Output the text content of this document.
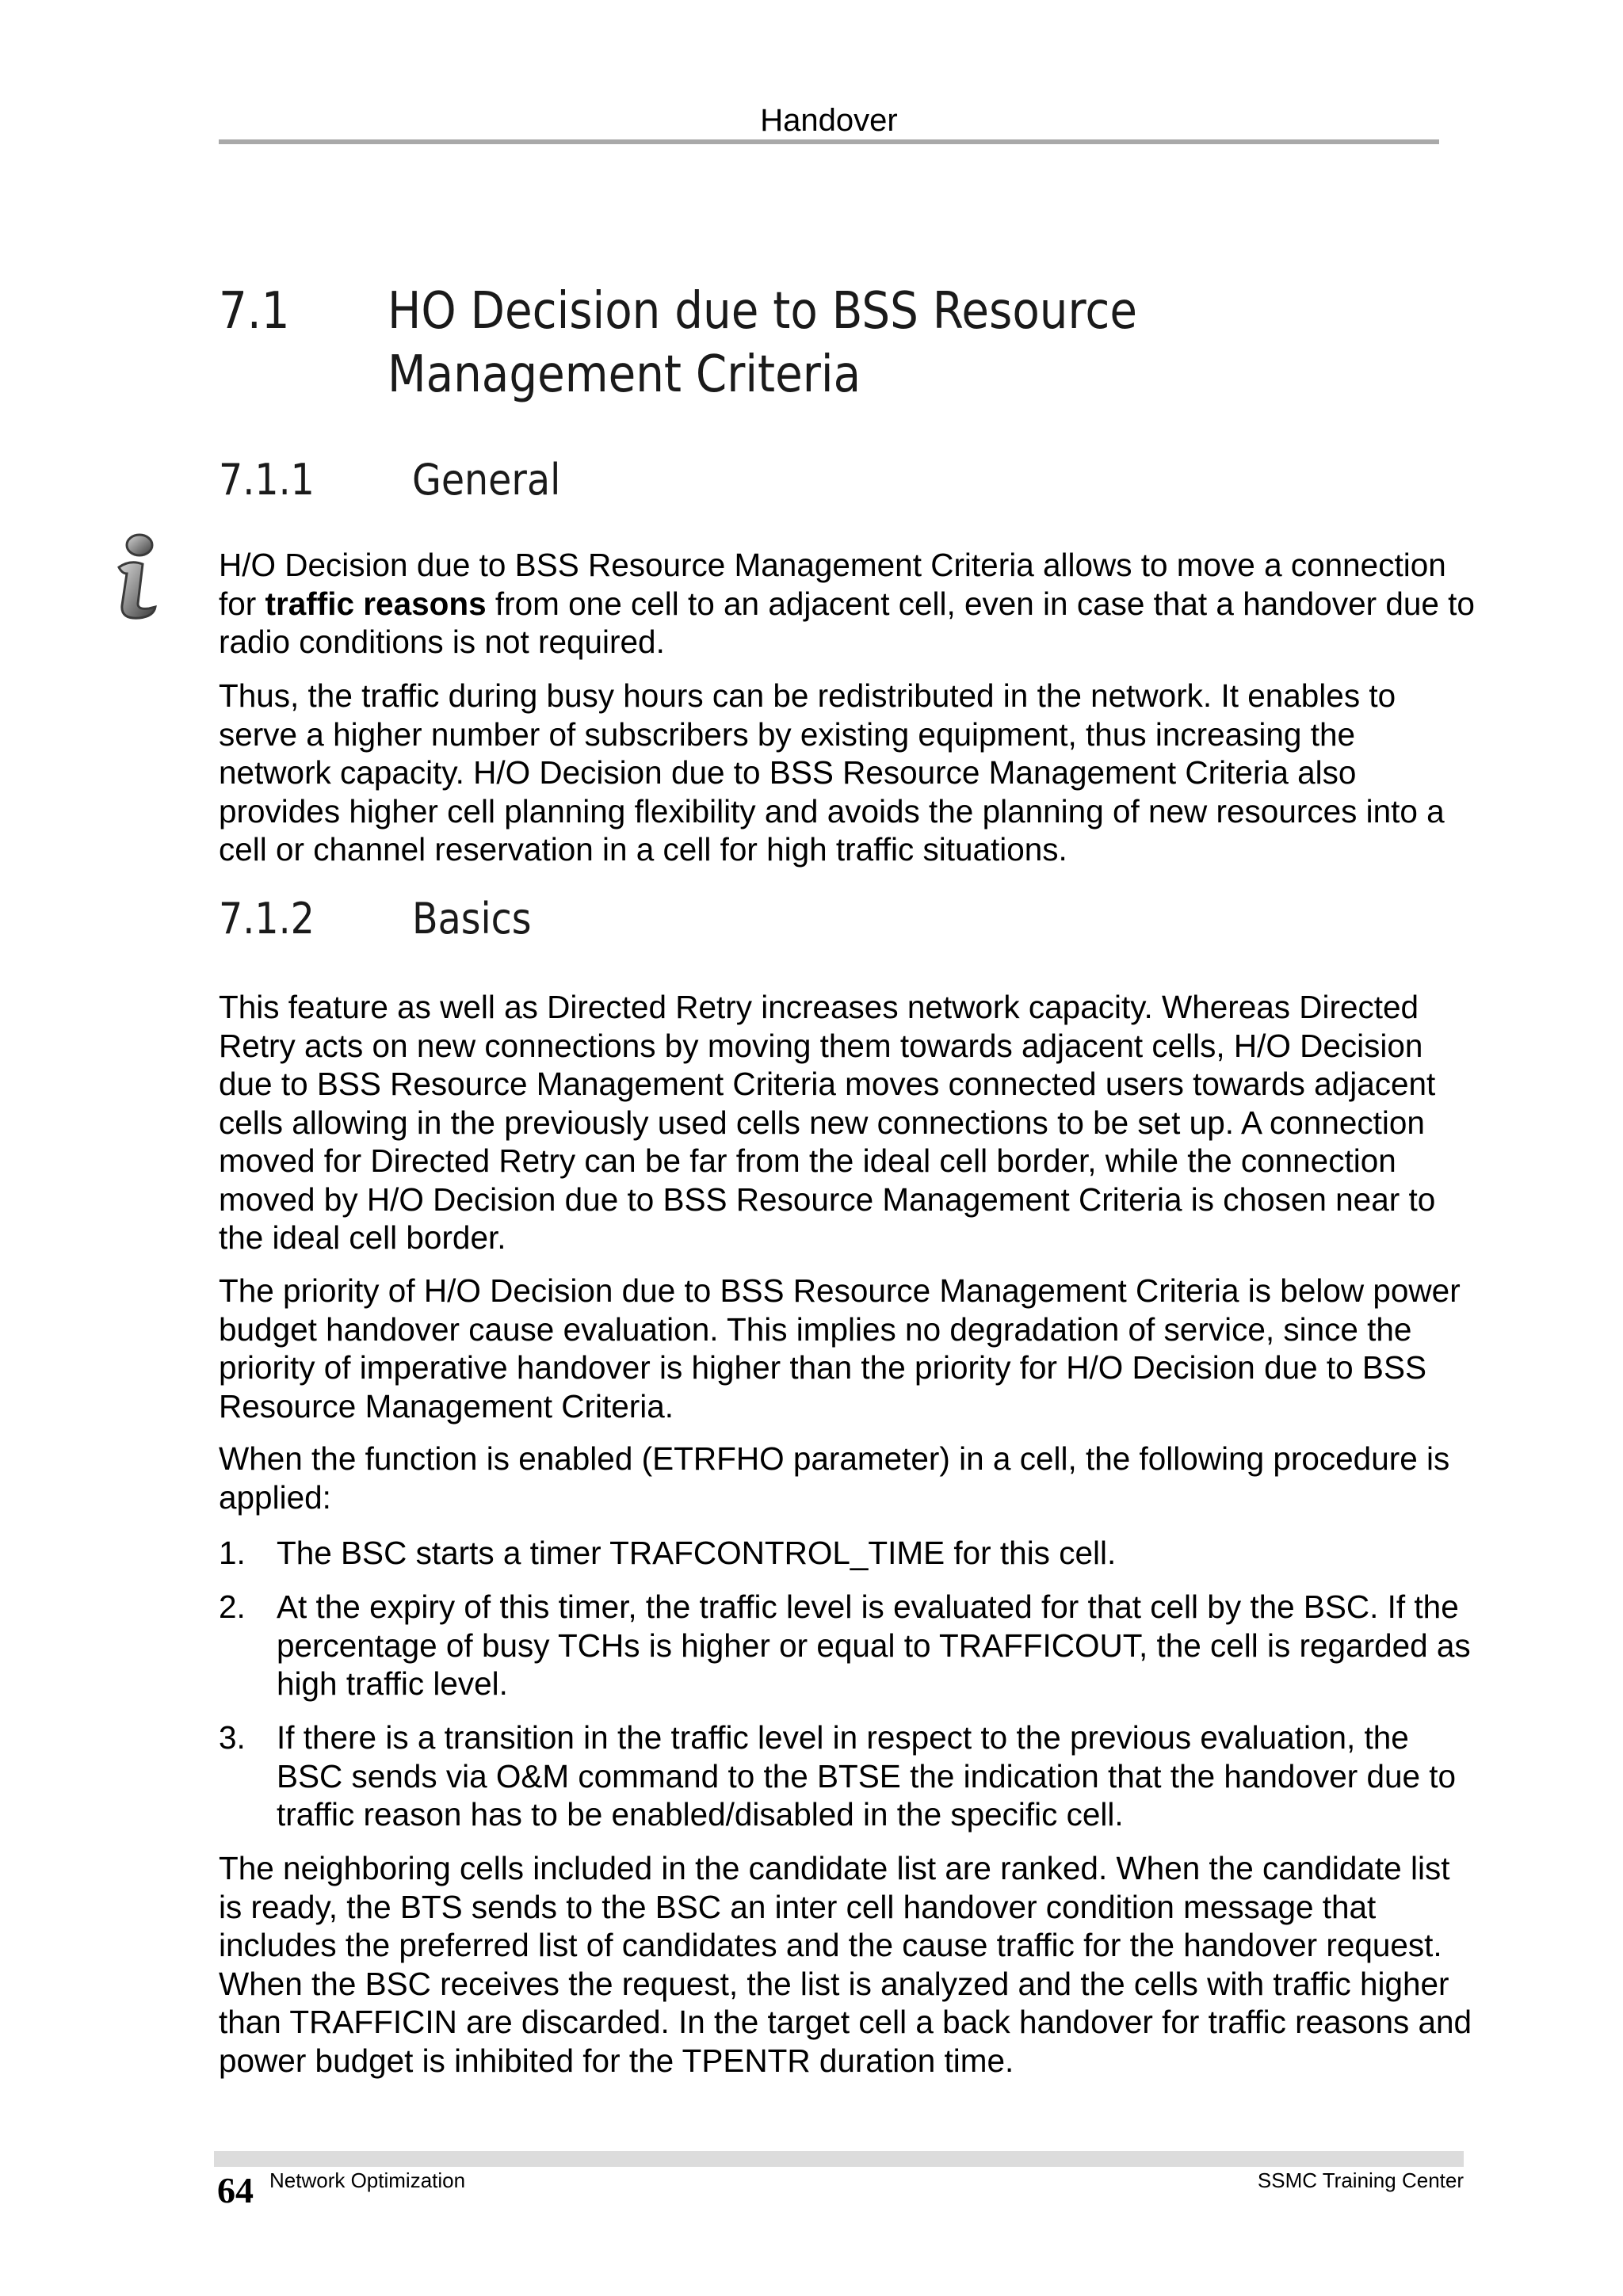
Handover
7.1 HO Decision due to BSS Resource
Management Criteria
7.1.1 General
H/O Decision due to BSS Resource Management Criteria allows to move a connection for traffic reasons from one cell to an adjacent cell, even in case that a handover due to radio conditions is not required.
Thus, the traffic during busy hours can be redistributed in the network. It enables to serve a higher number of subscribers by existing equipment, thus increasing the network capacity. H/O Decision due to BSS Resource Management Criteria also provides higher cell planning flexibility and avoids the planning of new resources into a cell or channel reservation in a cell for high traffic situations.
7.1.2 Basics
This feature as well as Directed Retry increases network capacity. Whereas Directed Retry acts on new connections by moving them towards adjacent cells, H/O Decision due to BSS Resource Management Criteria moves connected users towards adjacent cells allowing in the previously used cells new connections to be set up. A connection moved for Directed Retry can be far from the ideal cell border, while the connection moved by H/O Decision due to BSS Resource Management Criteria is chosen near to the ideal cell border.
The priority of H/O Decision due to BSS Resource Management Criteria is below power budget handover cause evaluation. This implies no degradation of service, since the priority of imperative handover is higher than the priority for H/O Decision due to BSS Resource Management Criteria.
When the function is enabled (ETRFHO parameter) in a cell, the following procedure is applied:
1. The BSC starts a timer TRAFCONTROL_TIME for this cell.
2. At the expiry of this timer, the traffic level is evaluated for that cell by the BSC. If the percentage of busy TCHs is higher or equal to TRAFFICOUT, the cell is regarded as high traffic level.
3. If there is a transition in the traffic level in respect to the previous evaluation, the BSC sends via O&M command to the BTSE the indication that the handover due to traffic reason has to be enabled/disabled in the specific cell.
The neighboring cells included in the candidate list are ranked. When the candidate list is ready, the BTS sends to the BSC an inter cell handover condition message that includes the preferred list of candidates and the cause traffic for the handover request. When the BSC receives the request, the list is analyzed and the cells with traffic higher than TRAFFICIN are discarded. In the target cell a back handover for traffic reasons and power budget is inhibited for the TPENTR duration time.
64 Network Optimization	SSMC Training Center
